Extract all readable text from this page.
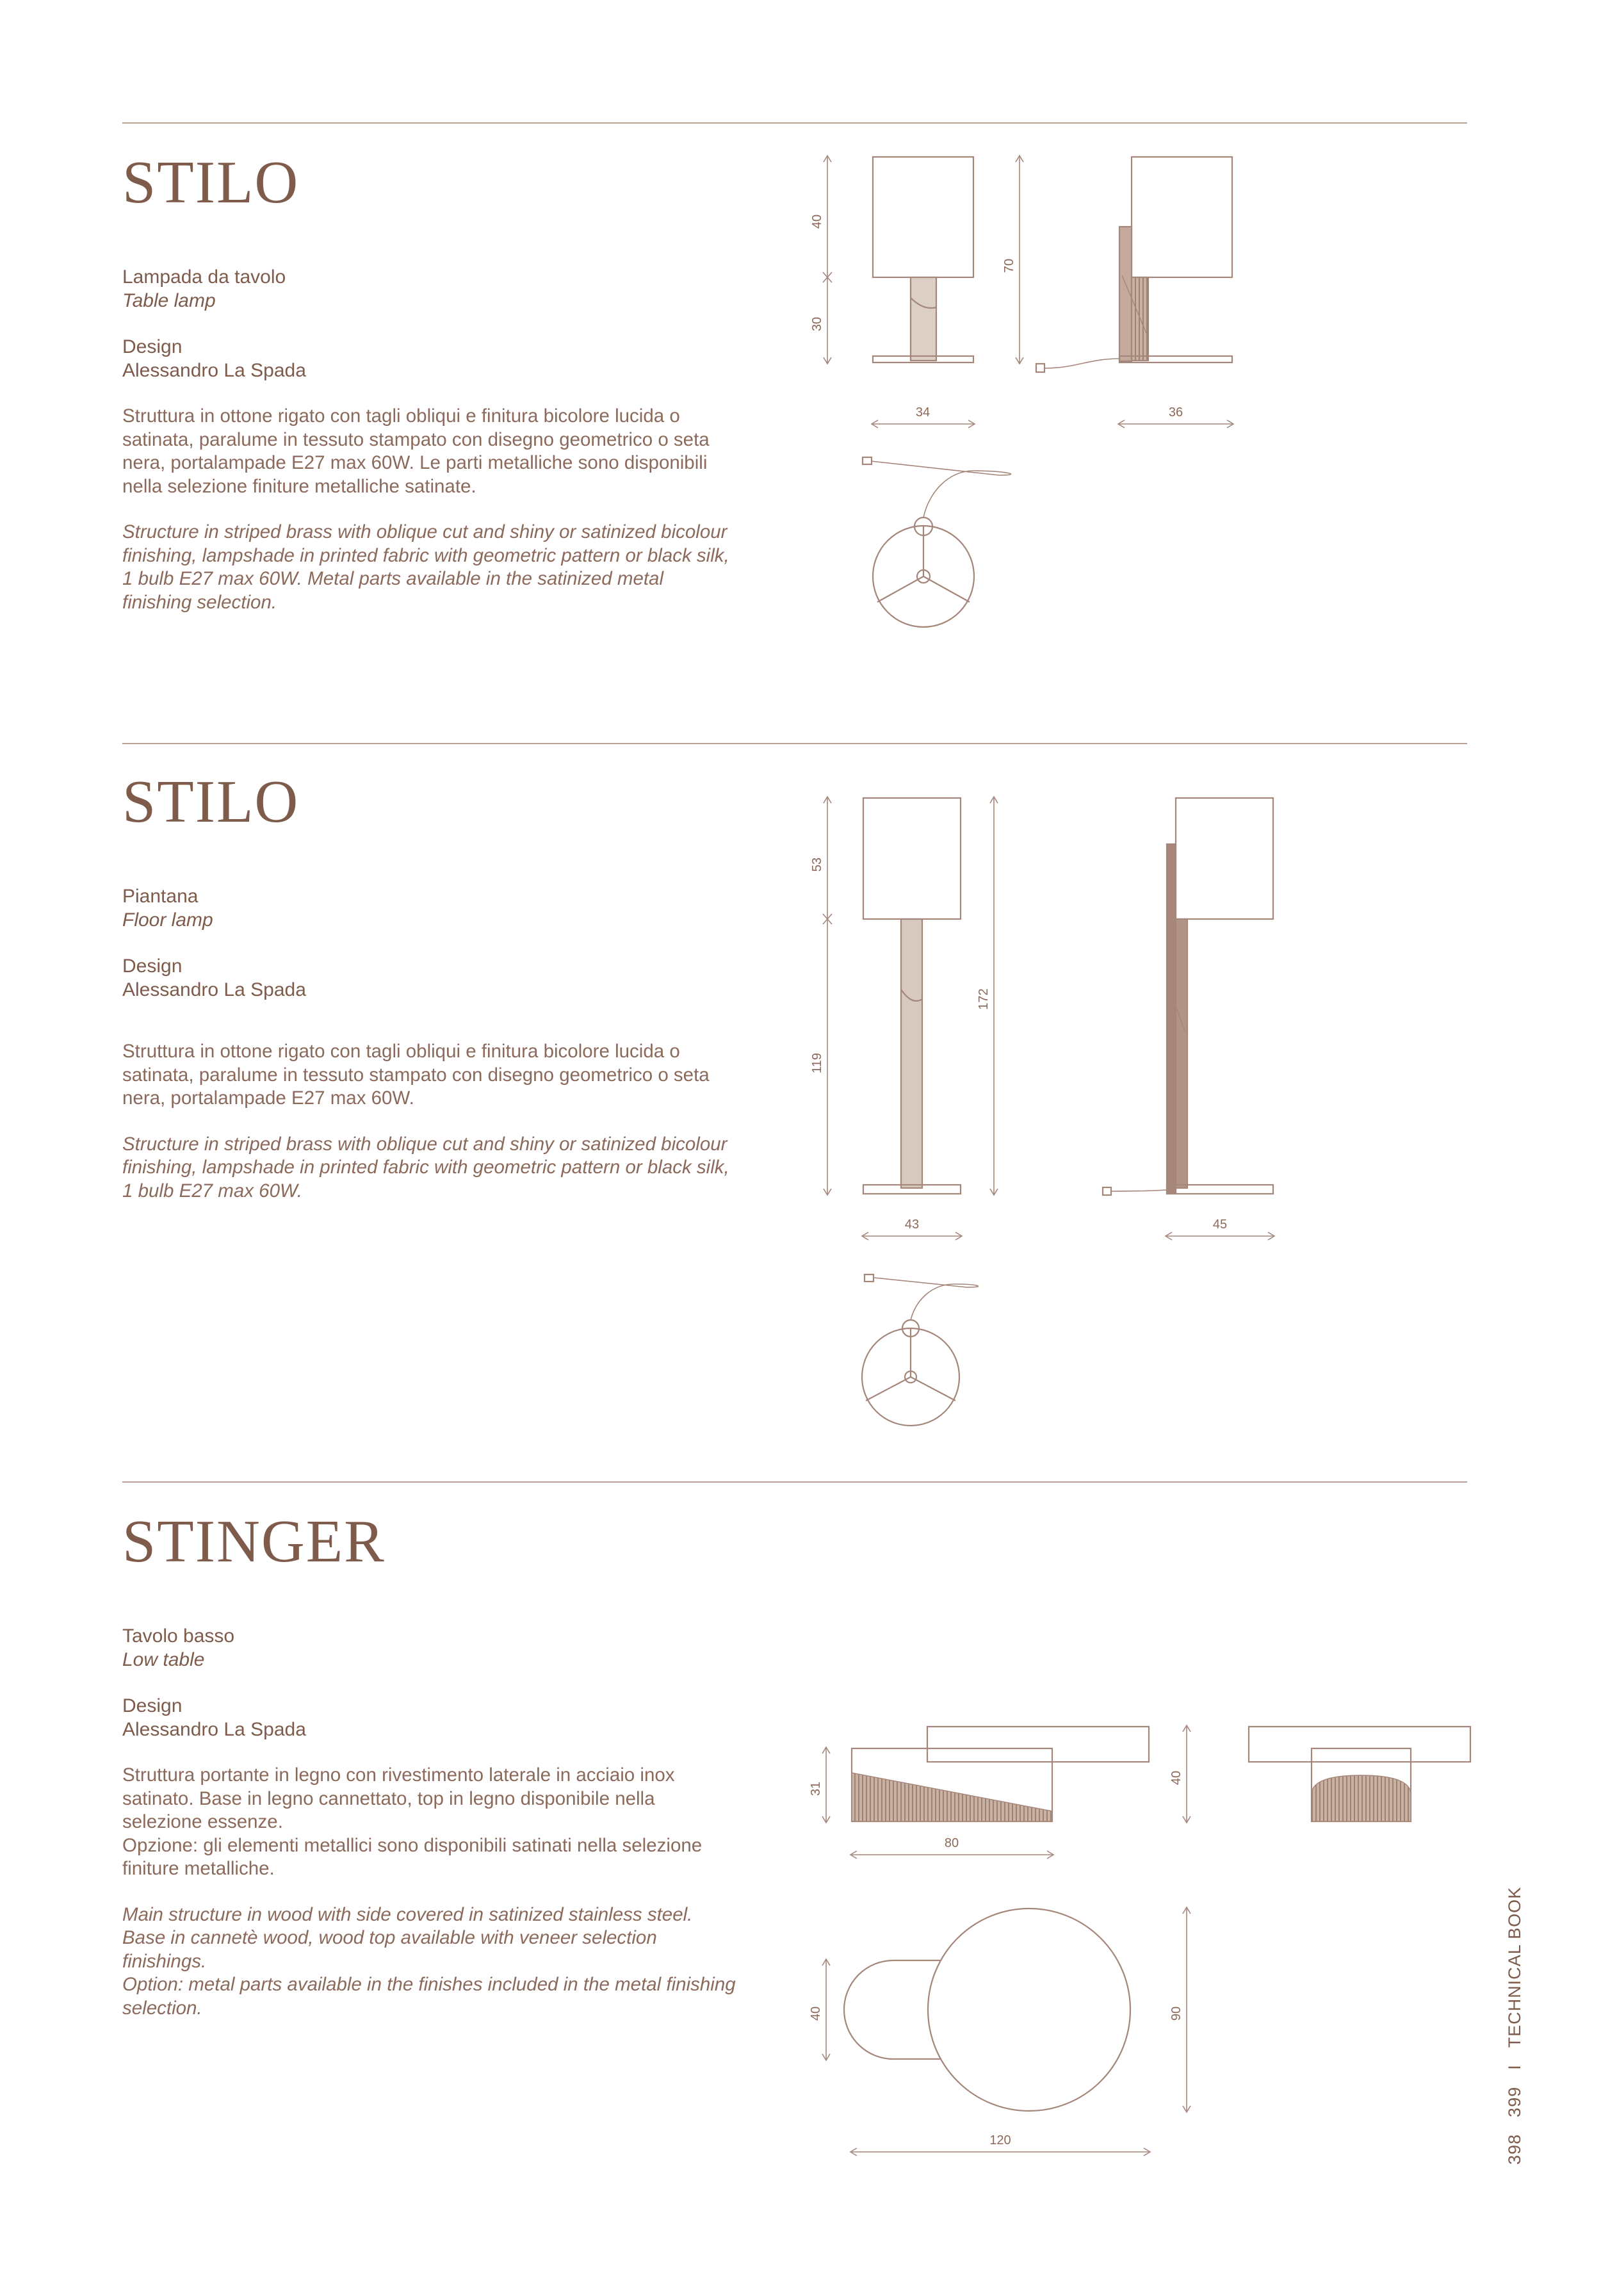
STILO

Lampada da tavolo

Table lamp

Design

Alessandro La Spada

Struttura in ottone rigato con tagli obliqui e finitura bicolore lucida o satinata, paralume in tessuto stampato con disegno geometrico o seta nera, portalampade E27 max 60W. Le parti metalliche sono disponibili nella selezione finiture metalliche satinate.

Structure in striped brass with oblique cut and shiny or satinized bicolour finishing, lampshade in printed fabric with geometric pattern or black silk, 1 bulb E27 max 60W. Metal parts available in the satinized metal finishing selection.

STILO

Piantana

Floor lamp

Design

Alessandro La Spada

Struttura in ottone rigato con tagli obliqui e finitura bicolore lucida o satinata, paralume in tessuto stampato con disegno geometrico o seta nera, portalampade E27 max 60W.

Structure in striped brass with oblique cut and shiny or satinized bicolour finishing, lampshade in printed fabric with geometric pattern or black silk, 1 bulb E27 max 60W.

STINGER

Tavolo basso

Low table

Design

Alessandro La Spada

Struttura portante in legno con rivestimento laterale in acciaio inox satinato. Base in legno cannettato, top in legno disponibile nella selezione essenze.
Opzione: gli elementi metallici sono disponibili satinati nella selezione finiture metalliche.

Main structure in wood with side covered in satinized stainless steel. Base in cannetè wood, wood top available with veneer selection finishings.
Option: metal parts available in the finishes included in the metal finishing selection.

40
30
70
34	36
53
119
172
43	45
31
80
40
40	90
120	398399ITECHNICAL BOOK
